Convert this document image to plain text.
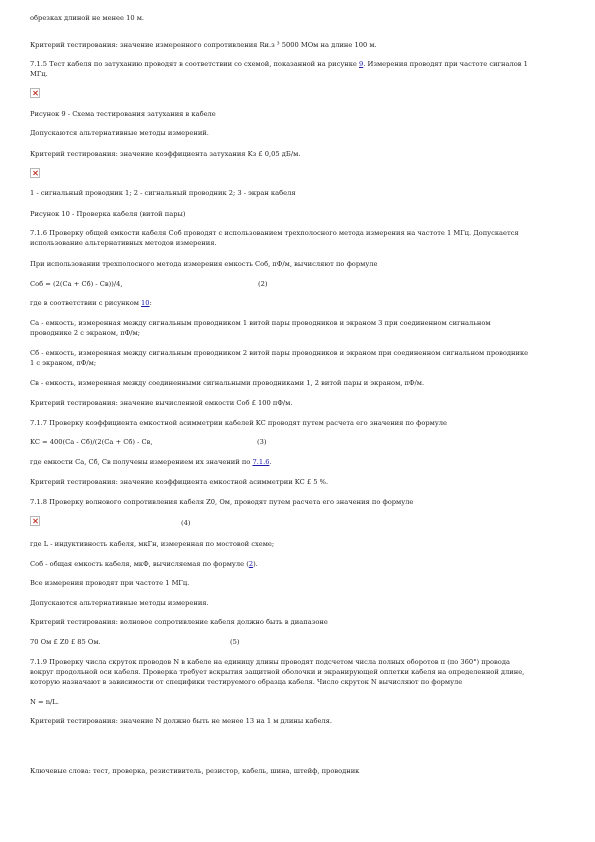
обрезках длиной не менее 10 м.
Критерий тестирования: значение измеренного сопротивления Rи.з ³ 5000 МОм на длине 100 м.
7.1.5 Тест кабеля по затуханию проводят в соответствии со схемой, показанной на рисунке 9. Измерения проводят при частоте сигналов 1
МГц.
Рисунок 9 - Схема тестирования затухания в кабеле
Допускаются альтернативные методы измерений.
Критерий тестирования: значение коэффициента затухания Kз £ 0,05 дБ/м.
1 - сигнальный проводник 1; 2 - сигнальный проводник 2; 3 - экран кабеля
Рисунок 10 - Проверка кабеля (витой пары)
7.1.6 Проверку общей емкости кабеля Соб проводят с использованием трехполосного метода измерения на частоте 1 МГц. Допускается
использование альтернативных методов измерения.
При использовании трехполосного метода измерения емкость Соб, пФ/м, вычисляют по формуле
Соб = (2(Са + Сб) - Св))/4,	(2)
где в соответствии с рисунком 10:
Са - емкость, измеренная между сигнальным проводником 1 витой пары проводников и экраном 3 при соединенном сигнальном
проводнике 2 с экраном, пФ/м;
Сб - емкость, измеренная между сигнальным проводником 2 витой пары проводников и экраном при соединенном сигнальном проводнике
1 с экраном, пФ/м;
Св - емкость, измеренная между соединенными сигнальными проводниками 1, 2 витой пары и экраном, пФ/м.
Критерий тестирования: значение вычисленной емкости Соб £ 100 пФ/м.
7.1.7 Проверку коэффициента емкостной асимметрии кабелей KC проводят путем расчета его значения по формуле
KC = 400(Са - Сб)/(2(Са + Сб) - Св,	(3)
где емкости Са, Сб, Св получены измерением их значений по 7.1.6.
Критерий тестирования: значение коэффициента емкостной асимметрии KC £ 5 %.
7.1.8 Проверку волнового сопротивления кабеля Z0, Ом, проводят путем расчета его значения по формуле
(4)
где L - индуктивность кабеля, мкГн, измеренная по мостовой схеме;
Соб - общая емкость кабеля, мкФ, вычисляемая по формуле (2).
Все измерения проводят при частоте 1 МГц.
Допускаются альтернативные методы измерения.
Критерий тестирования: волновое сопротивление кабеля должно быть в диапазоне
70 Ом £ Z0 £ 85 Ом.	(5)
7.1.9 Проверку числа скруток проводов N в кабеле на единицу длины проводят подсчетом числа полных оборотов п (по 360°) провода
вокруг продольной оси кабеля. Проверка требует вскрытия защитной оболочки и экранирующей оплетки кабеля на определенной длине,
которую назначают в зависимости от специфики тестируемого образца кабеля. Число скруток N вычисляют по формуле
N = n/L.
Критерий тестирования: значение N должно быть не менее 13 на 1 м длины кабеля.
Ключевые слова: тест, проверка, резистивитель, резистор, кабель, шина, штейф, проводник
